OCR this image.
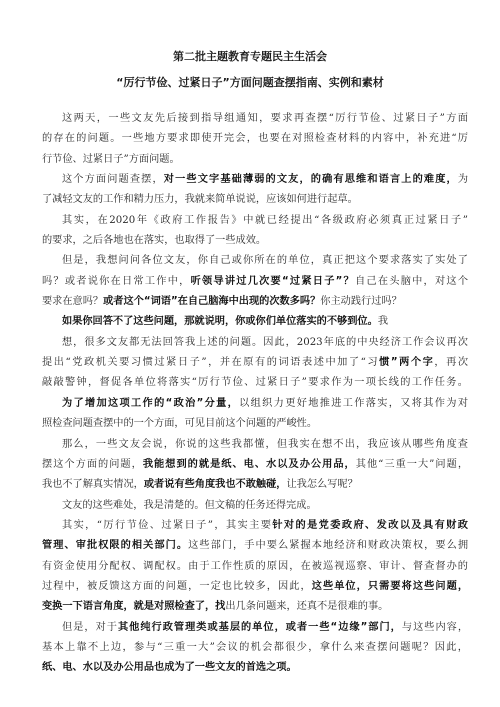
第二批主题教育专题民主生活会
“厉行节俭、过紧日子”方面问题查摆指南、实例和素材
这两天，一些文友先后接到指导组通知，要求再查摆“厉行节俭、过紧日子”方面
的存在的问题。一些地方要求即使开完会，也要在对照检查材料的内容中，补充进“厉
行节俭、过紧日子”方面问题。
这个方面问题查摆，对一些文字基础薄弱的文友，的确有思维和语言上的难度，为
了减轻文友的工作和精力压力，我就来简单说说，应该如何进行起草。
其实，在2020年《政府工作报告》中就已经提出“各级政府必须真正过紧日子”
的要求，之后各地也在落实，也取得了一些成效。
但是，我想问问各位文友，你自己或你所在的单位，真正把这个要求落实了实处了
吗？或者说你在日常工作中，听领导讲过几次要“过紧日子”？自己在头脑中，对这个
要求在意吗？或者这个“词语”在自己脑海中出现的次数多吗？你主动践行过吗？
如果你回答不了这些问题，那就说明，你或你们单位落实的不够到位。我
想，很多文友都无法回答我上述的问题。因此，2023年底的中央经济工作会议再次
提出“党政机关要习惯过紧日子”，并在原有的词语表述中加了“习惯”两个字，再次
敲敲警钟，督促各单位将落实“厉行节俭、过紧日子”要求作为一项长线的工作任务。
为了增加这项工作的“政治”分量，以组织力更好地推进工作落实，又将其作为对
照检查问题查摆中的一个方面，可见目前这个问题的严峻性。
那么，一些文友会说，你说的这些我都懂，但我实在想不出，我应该从哪些角度查
摆这个方面的问题，我能想到的就是纸、电、水以及办公用品，其他“三重一大”问题，
我也不了解真实情况，或者说有些角度我也不敢触碰，让我怎么写呢？
文友的这些难处，我是清楚的。但文稿的任务还得完成。
其实，“厉行节俭、过紧日子”，其实主要针对的是党委政府、发改以及具有财政
管理、审批权限的相关部门。这些部门，手中要么紧握本地经济和财政决策权，要么拥
有资金使用分配权、调配权。由于工作性质的原因，在被巡视巡察、审计、督查督办的
过程中，被反馈这方面的问题，一定也比较多，因此，这些单位，只需要将这些问题，
变换一下语言角度，就是对照检查了，找出几条问题来，还真不是很难的事。
但是，对于其他纯行政管理类或基层的单位，或者一些“边缘”部门，与这些内容，
基本上靠不上边，参与“三重一大”会议的机会都很少，拿什么来查摆问题呢？因此，
纸、电、水以及办公用品也成为了一些文友的首选之项。
